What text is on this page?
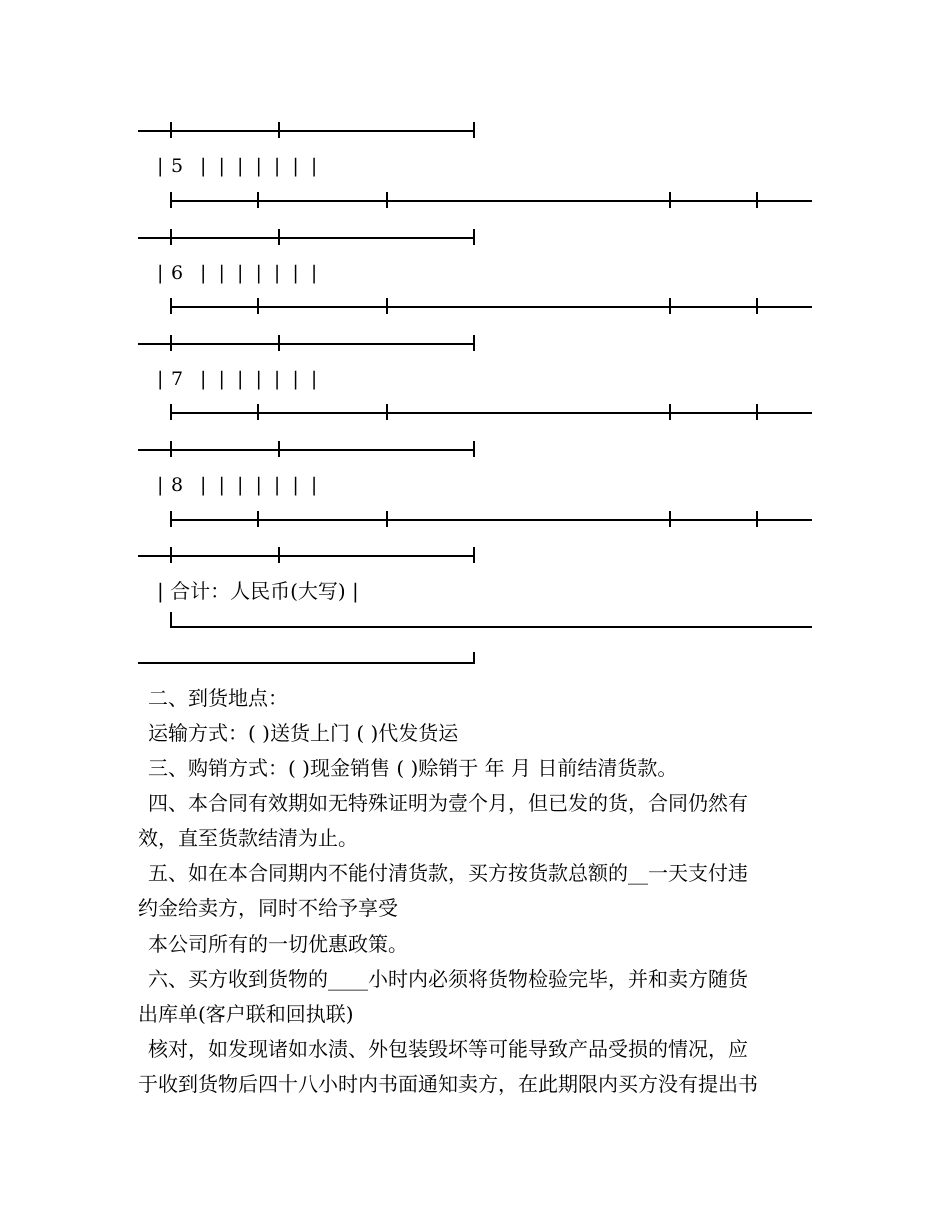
| 5 |  |  |  |  |  |  |
| 6 |  |  |  |  |  |  |
| 7 |  |  |  |  |  |  |
| 8 |  |  |  |  |  |  |
| 合计：人民币(大写) |
二、到货地点：
运输方式：( )送货上门 ( )代发货运
三、购销方式：( )现金销售 ( )赊销于 年 月 日前结清货款。
四、本合同有效期如无特殊证明为壹个月，但已发的货，合同仍然有
效，直至货款结清为止。
五、如在本合同期内不能付清货款，买方按货款总额的__一天支付违
约金给卖方，同时不给予享受
本公司所有的一切优惠政策。
六、买方收到货物的____小时内必须将货物检验完毕，并和卖方随货
出库单(客户联和回执联)
核对，如发现诸如水渍、外包装毁坏等可能导致产品受损的情况，应
于收到货物后四十八小时内书面通知卖方，在此期限内买方没有提出书
